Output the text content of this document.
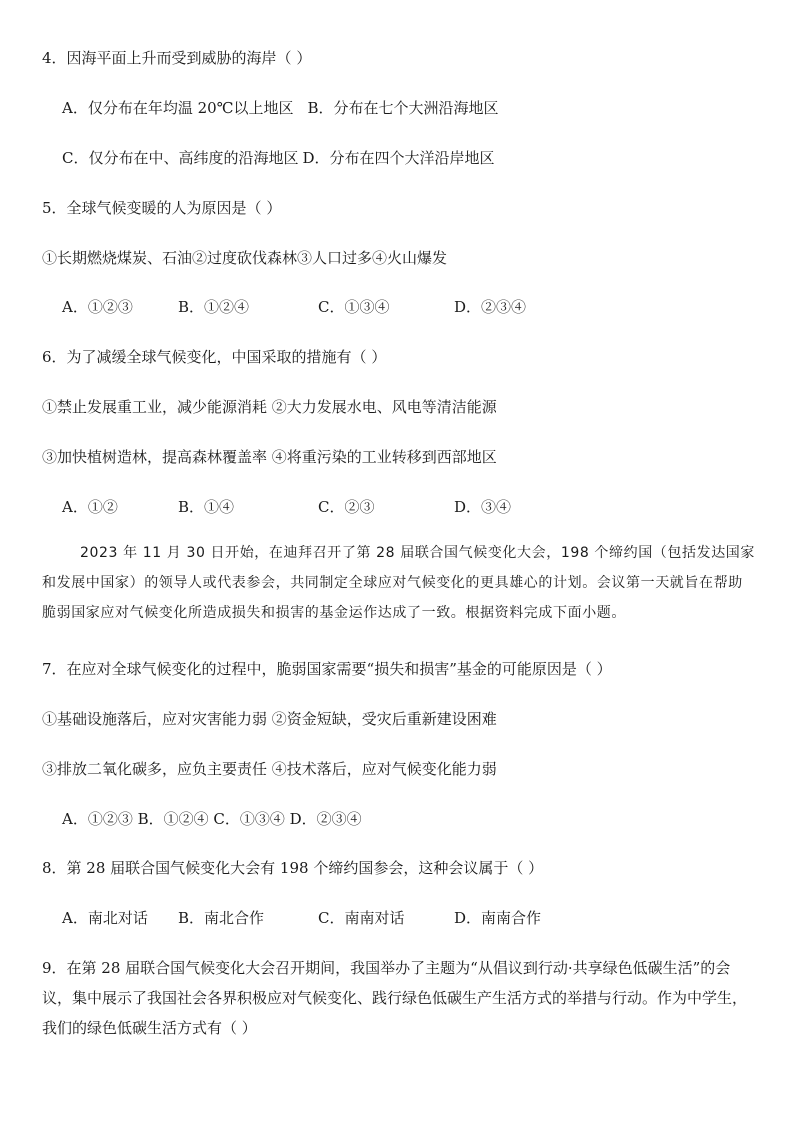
4．因海平面上升而受到威胁的海岸（ ）
A．仅分布在年均温 20℃以上地区 B．分布在七个大洲沿海地区
C．仅分布在中、高纬度的沿海地区 D．分布在四个大洋沿岸地区
5．全球气候变暖的人为原因是（ ）
①长期燃烧煤炭、石油②过度砍伐森林③人口过多④火山爆发
A．①②③	B．①②④	C．①③④	D．②③④
6．为了减缓全球气候变化，中国采取的措施有（ ）
①禁止发展重工业，减少能源消耗 ②大力发展水电、风电等清洁能源
③加快植树造林，提高森林覆盖率 ④将重污染的工业转移到西部地区
A．①②	B．①④	C．②③	D．③④
2023 年 11 月 30 日开始，在迪拜召开了第 28 届联合国气候变化大会，198 个缔约国（包括发达国家和发展中国家）的领导人或代表参会，共同制定全球应对气候变化的更具雄心的计划。会议第一天就旨在帮助脆弱国家应对气候变化所造成损失和损害的基金运作达成了一致。根据资料完成下面小题。
7．在应对全球气候变化的过程中，脆弱国家需要“损失和损害”基金的可能原因是（ ）
①基础设施落后，应对灾害能力弱 ②资金短缺，受灾后重新建设困难
③排放二氧化碳多，应负主要责任 ④技术落后，应对气候变化能力弱
A．①②③ B．①②④ C．①③④ D．②③④
8．第 28 届联合国气候变化大会有 198 个缔约国参会，这种会议属于（ ）
A．南北对话 B．南北合作	C．南南对话	D．南南合作
9．在第 28 届联合国气候变化大会召开期间，我国举办了主题为“从倡议到行动·共享绿色低碳生活”的会议，集中展示了我国社会各界积极应对气候变化、践行绿色低碳生产生活方式的举措与行动。作为中学生，我们的绿色低碳生活方式有（ ）
